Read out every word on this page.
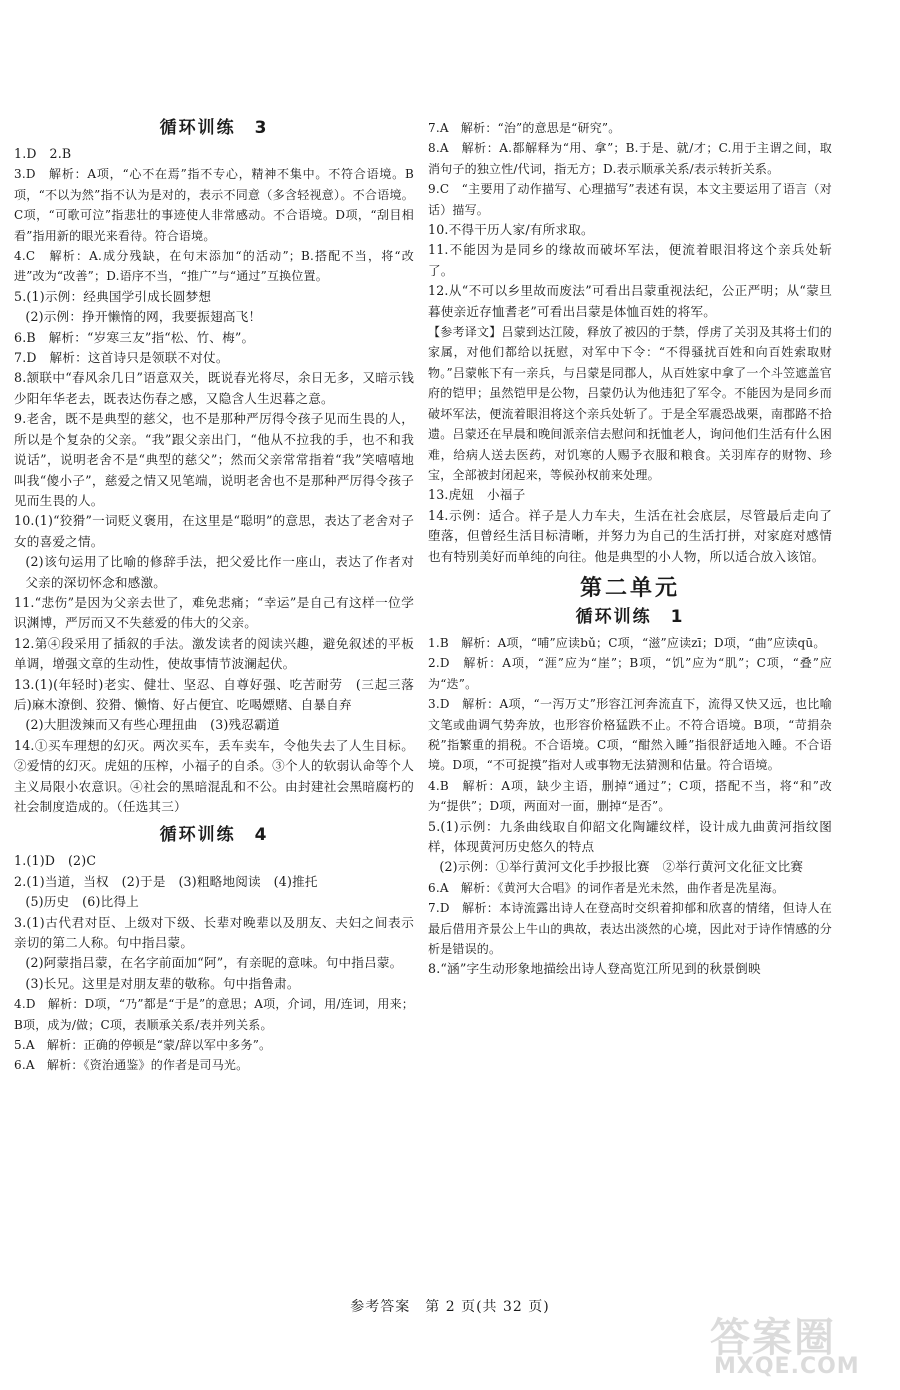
循环训练　3
1.D　2.B
3.D　解析：A项，“心不在焉”指不专心，精神不集中。不符合语境。B项，“不以为然”指不认为是对的，表示不同意（多含轻视意）。不合语境。C项，“可歌可泣”指悲壮的事迹使人非常感动。不合语境。D项，“刮目相看”指用新的眼光来看待。符合语境。
4.C　解析：A.成分残缺，在句末添加“的活动”；B.搭配不当，将“改进”改为“改善”；D.语序不当，“推广”与“通过”互换位置。
5.(1)示例：经典国学引成长圆梦想
(2)示例：挣开懒惰的网，我要振翅高飞！
6.B　解析：“岁寒三友”指“松、竹、梅”。
7.D　解析：这首诗只是领联不对仗。
8.颔联中“春风余几日”语意双关，既说春光将尽，余日无多，又暗示钱少阳年华老去，既表达伤春之感，又隐含人生迟暮之意。
9.老舍，既不是典型的慈父，也不是那种严厉得令孩子见而生畏的人，所以是个复杂的父亲。“我”跟父亲出门，“他从不拉我的手，也不和我说话”，说明老舍不是“典型的慈父”；然而父亲常常指着“我”笑嘻嘻地叫我“傻小子”，慈爱之情又见笔端，说明老舍也不是那种严厉得令孩子见而生畏的人。
10.(1)“狡猾”一词贬义褒用，在这里是“聪明”的意思，表达了老舍对子女的喜爱之情。
(2)该句运用了比喻的修辞手法，把父爱比作一座山，表达了作者对父亲的深切怀念和感激。
11.“悲伤”是因为父亲去世了，难免悲痛；“幸运”是自己有这样一位学识渊博，严厉而又不失慈爱的伟大的父亲。
12.第④段采用了插叙的手法。激发读者的阅读兴趣，避免叙述的平板单调，增强文章的生动性，使故事情节波澜起伏。
13.(1)(年轻时)老实、健壮、坚忍、自尊好强、吃苦耐劳　(三起三落后)麻木潦倒、狡猾、懒惰、好占便宜、吃喝嫖赌、自暴自弃
(2)大胆泼辣而又有些心理扭曲　(3)残忍霸道
14.①买车理想的幻灭。两次买车，丢车卖车，令他失去了人生目标。②爱情的幻灭。虎妞的压榨，小福子的自杀。③个人的软弱认命等个人主义局限小农意识。④社会的黑暗混乱和不公。由封建社会黑暗腐朽的社会制度造成的。（任选其三）
循环训练　4
1.(1)D　(2)C
2.(1)当道，当权　(2)于是　(3)粗略地阅读　(4)推托
(5)历史　(6)比得上
3.(1)古代君对臣、上级对下级、长辈对晚辈以及朋友、夫妇之间表示亲切的第二人称。句中指吕蒙。
(2)阿蒙指吕蒙，在名字前面加“阿”，有亲昵的意味。句中指吕蒙。
(3)长兄。这里是对朋友辈的敬称。句中指鲁肃。
4.D　解析：D项，“乃”都是“于是”的意思；A项，介词，用/连词，用来；B项，成为/做；C项，表顺承关系/表并列关系。
5.A　解析：正确的停顿是“蒙/辞以军中多务”。
6.A　解析：《资治通鉴》的作者是司马光。
7.A　解析：“治”的意思是“研究”。
8.A　解析：A.都解释为“用、拿”；B.于是、就/才；C.用于主谓之间，取消句子的独立性/代词，指无方；D.表示顺承关系/表示转折关系。
9.C　“主要用了动作描写、心理描写”表述有误，本文主要运用了语言（对话）描写。
10.不得干历人家/有所求取。
11.不能因为是同乡的缘故而破坏军法，便流着眼泪将这个亲兵处斩了。
12.从“不可以乡里故而废法”可看出吕蒙重视法纪，公正严明；从“蒙旦暮使亲近存恤耆老”可看出吕蒙是体恤百姓的将军。
【参考译文】吕蒙到达江陵，释放了被囚的于禁，俘虏了关羽及其将士们的家属，对他们都给以抚慰，对军中下令：“不得骚扰百姓和向百姓索取财物。”吕蒙帐下有一亲兵，与吕蒙是同郡人，从百姓家中拿了一个斗笠遮盖官府的铠甲；虽然铠甲是公物，吕蒙仍认为他违犯了军令。不能因为是同乡而破坏军法，便流着眼泪将这个亲兵处斩了。于是全军震恐战栗，南郡路不拾遗。吕蒙还在早晨和晚间派亲信去慰问和抚恤老人，询问他们生活有什么困难，给病人送去医药，对饥寒的人赐予衣服和粮食。关羽库存的财物、珍宝，全部被封闭起来，等候孙权前来处理。
13.虎妞　小福子
14.示例：适合。祥子是人力车夫，生活在社会底层，尽管最后走向了堕落，但曾经生活目标清晰，并努力为自己的生活打拼，对家庭对感情也有特别美好而单纯的向往。他是典型的小人物，所以适合放入该馆。
第二单元
循环训练　1
1.B　解析：A项，“哺”应读bǔ；C项，“滋”应读zī；D项，“曲”应读qū。
2.D　解析：A项，“涯”应为“崖”；B项，“饥”应为“肌”；C项，“叠”应为“迭”。
3.D　解析：A项，“一泻万丈”形容江河奔流直下，流得又快又远，也比喻文笔或曲调气势奔放，也形容价格猛跌不止。不符合语境。B项，“苛捐杂税”指繁重的捐税。不合语境。C项，“酣然入睡”指很舒适地入睡。不合语境。D项，“不可捉摸”指对人或事物无法猜测和估量。符合语境。
4.B　解析：A项，缺少主语，删掉“通过”；C项，搭配不当，将“和”改为“提供”；D项，两面对一面，删掉“是否”。
5.(1)示例：九条曲线取自仰韶文化陶罐纹样，设计成九曲黄河指纹图样，体现黄河历史悠久的特点
(2)示例：①举行黄河文化手抄报比赛　②举行黄河文化征文比赛
6.A　解析：《黄河大合唱》的词作者是光未然，曲作者是冼星海。
7.D　解析：本诗流露出诗人在登高时交织着抑郁和欣喜的情绪，但诗人在最后借用齐景公上牛山的典故，表达出淡然的心境，因此对于诗作情感的分析是错误的。
8.“涵”字生动形象地描绘出诗人登高览江所见到的秋景倒映
参考答案　第 2 页(共 32 页)
答案圈
MXQE.COM
